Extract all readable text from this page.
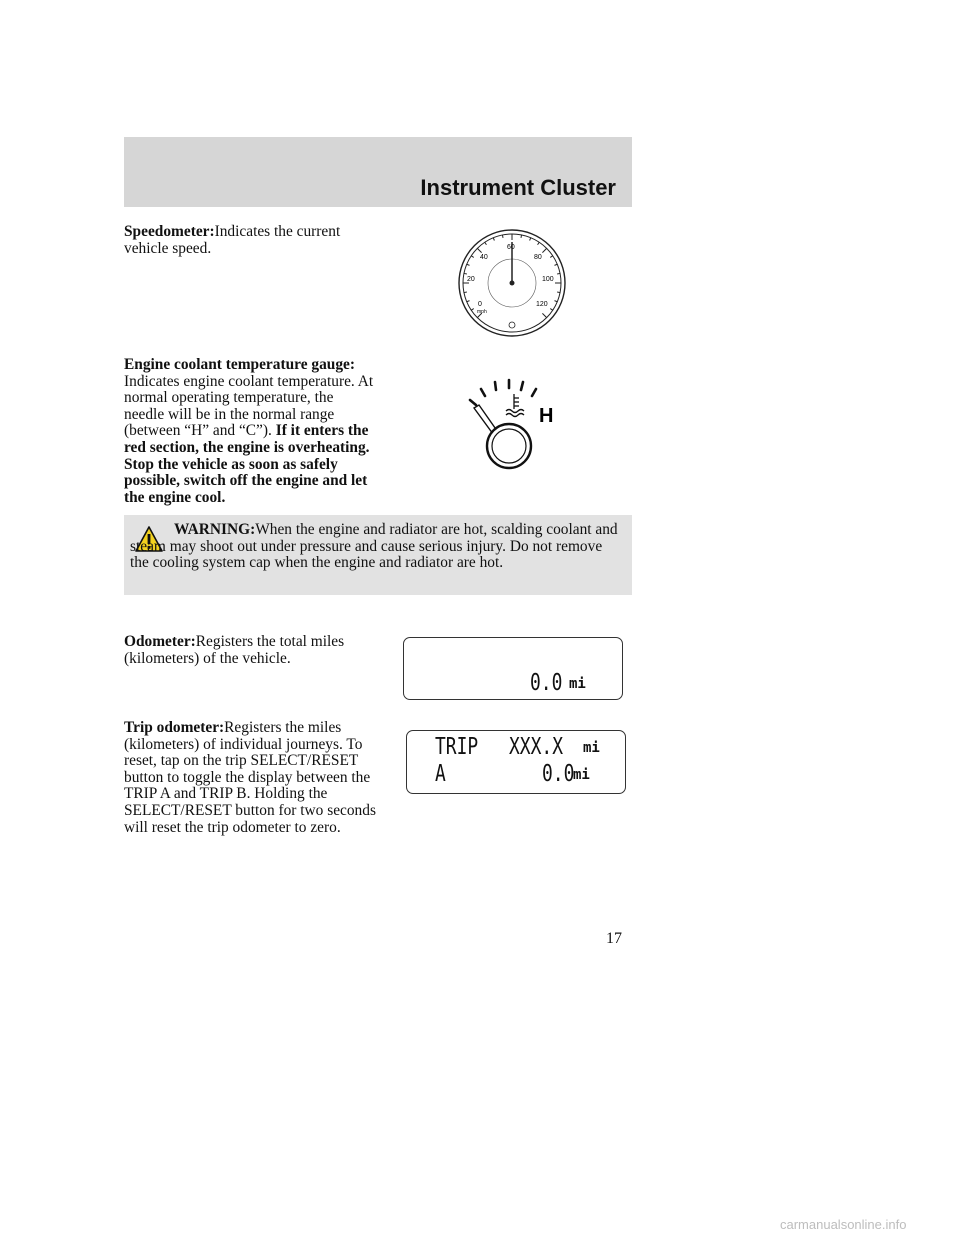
Instrument Cluster
Speedometer:Indicates the current vehicle speed.
0
20
40
60
80
100
120
mph
Engine coolant temperature gauge: Indicates engine coolant temperature. At normal operating temperature, the needle will be in the normal range (between “H” and “C”). If it enters the red section, the engine is overheating. Stop the vehicle as soon as safely possible, switch off the engine and let the engine cool.
H
WARNING:When the engine and radiator are hot, scalding coolant and steam may shoot out under pressure and cause serious injury. Do not remove the cooling system cap when the engine and radiator are hot.
Odometer:Registers the total miles (kilometers) of the vehicle.
0.0 mi
Trip odometer:Registers the miles (kilometers) of individual journeys. To reset, tap on the trip SELECT/RESET button to toggle the display between the TRIP A and TRIP B. Holding the SELECT/RESET button for two seconds will reset the trip odometer to zero.
TRIP XXX.X mi
A	0.0
mi
17
carmanualsonline.info
